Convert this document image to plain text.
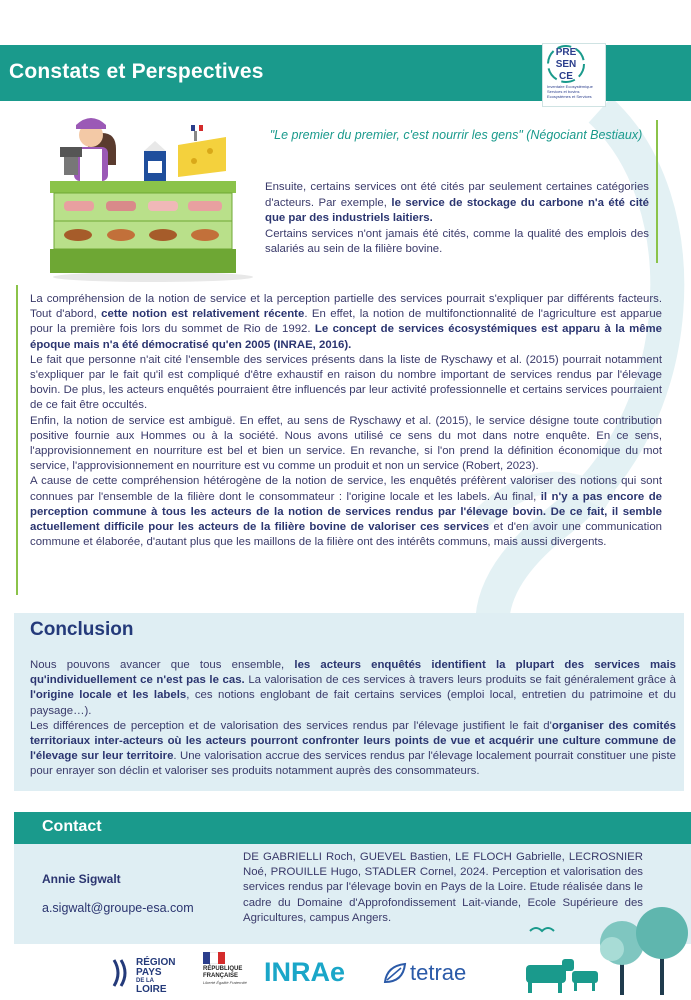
Constats et Perspectives
PRE
SEN
CE
Inventaire Ecosystémique Services et bovins Ecosystèmes et Services
"Le premier du premier, c'est nourrir les gens" (Négociant Bestiaux)
Ensuite, certains services ont été cités par seulement certaines catégories d'acteurs. Par exemple, le service de stockage du carbone n'a été cité que par des industriels laitiers.
Certains services n'ont jamais été cités, comme la qualité des emplois des salariés au sein de la filière bovine.

La compréhension de la notion de service et la perception partielle des services pourrait s'expliquer par différents facteurs. Tout d'abord, cette notion est relativement récente. En effet, la notion de multifonctionnalité de l'agriculture est apparue pour la première fois lors du sommet de Rio de 1992. Le concept de services écosystémiques est apparu à la même époque mais n'a été démocratisé qu'en 2005 (INRAE, 2016).

Le fait que personne n'ait cité l'ensemble des services présents dans la liste de Ryschawy et al. (2015) pourrait notamment s'expliquer par le fait qu'il est compliqué d'être exhaustif en raison du nombre important de services rendus par l'élevage bovin. De plus, les acteurs enquêtés pourraient être influencés par leur activité professionnelle et certains services pourraient de ce fait être occultés.

Enfin, la notion de service est ambiguë. En effet, au sens de Ryschawy et al. (2015), le service désigne toute contribution positive fournie aux Hommes ou à la société. Nous avons utilisé ce sens du mot dans notre enquête. En ce sens, l'approvisionnement en nourriture est bel et bien un service. En revanche, si l'on prend la définition économique du mot service, l'approvisionnement en nourriture est vu comme un produit et non un service (Robert, 2023).

A cause de cette compréhension hétérogène de la notion de service, les enquêtés préfèrent valoriser des notions qui sont connues par l'ensemble de la filière dont le consommateur : l'origine locale et les labels. Au final, il n'y a pas encore de perception commune à tous les acteurs de la notion de services rendus par l'élevage bovin. De ce fait, il semble actuellement difficile pour les acteurs de la filière bovine de valoriser ces services et d'en avoir une communication commune et élaborée, d'autant plus que les maillons de la filière ont des intérêts communs, mais aussi divergents.

Conclusion

Nous pouvons avancer que tous ensemble, les acteurs enquêtés identifient la plupart des services mais qu'individuellement ce n'est pas le cas. La valorisation de ces services à travers leurs produits se fait généralement grâce à l'origine locale et les labels, ces notions englobant de fait certains services (emploi local, entretien du patrimoine et du paysage…).

Les différences de perception et de valorisation des services rendus par l'élevage justifient le fait d'organiser des comités territoriaux inter-acteurs où les acteurs pourront confronter leurs points de vue et acquérir une culture commune de l'élevage sur leur territoire. Une valorisation accrue des services rendus par l'élevage localement pourrait constituer une piste pour enrayer son déclin et valoriser ses produits notamment auprès des consommateurs.

Contact
Annie Sigwalt
a.sigwalt@groupe-esa.com
DE GABRIELLI Roch, GUEVEL Bastien, LE FLOCH Gabrielle, LECROSNIER Noé, PROUILLE Hugo, STADLER Cornel, 2024. Perception et valorisation des services rendus par l'élevage bovin en Pays de la Loire. Etude réalisée dans le cadre du Domaine d'Approfondissement Lait-viande, Ecole Supérieure des Agricultures, campus Angers.
RÉGION
PAYS
DE LA
LOIRE
RÉPUBLIQUE
FRANÇAISE
Liberté Égalité Fraternité INRAe	tetrae
